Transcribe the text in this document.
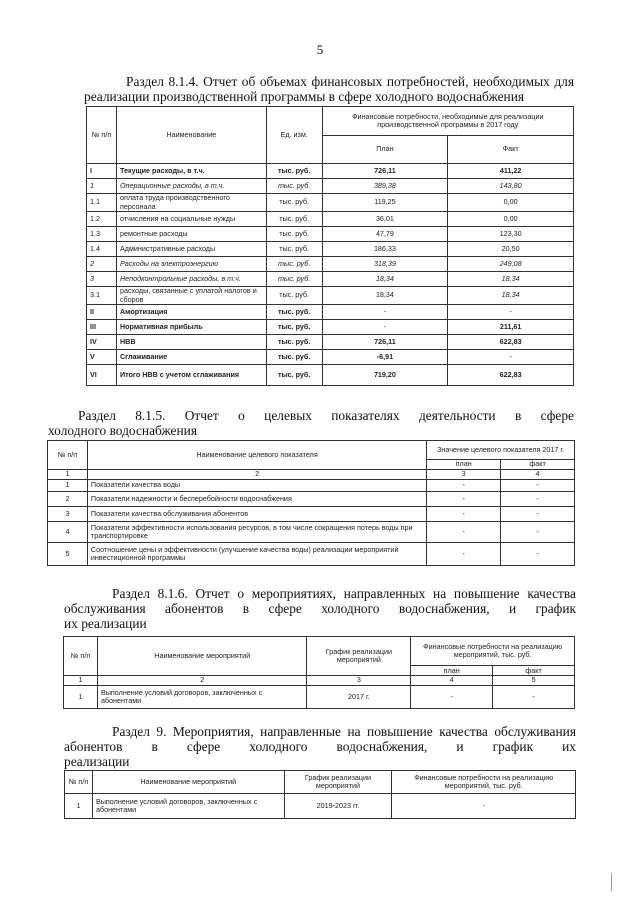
5
Раздел 8.1.4. Отчет об объемах финансовых потребностей, необходимых для реализации производственной программы в сфере холодного водоснабжения
№ п/п	Наименование	Ед. изм.	Финансовые потребности, необходимые для реализации производственной программы в 2017 году	
			План	Факт
I	Текущие расходы, в т.ч.	тыс. руб.	726,11	411,22
1	Операционные расходы, в т.ч.	тыс. руб.	389,38	143,80
1.1	оплата труда производственного персонала	тыс. руб.	119,25	0,00
1.2	отчисления на социальные нужды	тыс. руб.	36,01	0,00
1.3	ремонтные расходы	тыс. руб.	47,79	123,30
1.4	Административные расходы	тыс. руб.	186,33	20,50
2	Расходы на электроэнергию	тыс. руб.	318,39	249,08
3	Неподконтрольные расходы, в т.ч.	тыс. руб.	18,34	18,34
3.1	расходы, связанные с уплатой налогов и сборов	тыс. руб.	18,34	18,34
II	Амортизация	тыс. руб.	-	-
III	Нормативная прибыль	тыс. руб.	-	211,61
IV	НВВ	тыс. руб.	726,11	622,83
V	Сглаживание	тыс. руб.	-6,91	-
VI	Итого НВВ с учетом сглаживания	тыс. руб.	719,20	622,83
Раздел 8.1.5. Отчет о целевых показателях деятельности в сфере
холодного водоснабжения
№ п/п	Наименование целевого показателя	Значение целевого показателя 2017 г.	
		план	факт
1	2	3	4
1	Показатели качества воды	-	-
2	Показатели надежности и бесперебойности водоснабжения	-	-
3	Показатели качества обслуживания абонентов	-	-
4	Показатели эффективности использования ресурсов, в том числе сокращения потерь воды при транспортировке	-	-
5	Соотношение цены и эффективности (улучшение качества воды) реализации мероприятий инвестиционной программы	-	-
Раздел 8.1.6. Отчет о мероприятиях, направленных на повышение качества обслуживания абонентов в сфере холодного водоснабжения, и график
их реализации
№ п/п	Наименование мероприятий	График реализации мероприятий	Финансовые потребности на реализацию мероприятий, тыс. руб.	
			план	факт
1	2	3	4	5
1	Выполнение условий договоров, заключенных с абонентами	2017 г.	-	-
Раздел 9. Мероприятия, направленные на повышение качества обслуживания абонентов в сфере холодного водоснабжения, и график их
реализации
№ п/п	Наименование мероприятий	График реализации мероприятий	Финансовые потребности на реализацию мероприятий, тыс. руб.
1	Выполнение условий договоров, заключенных с абонентами	2019-2023 гг.	-
